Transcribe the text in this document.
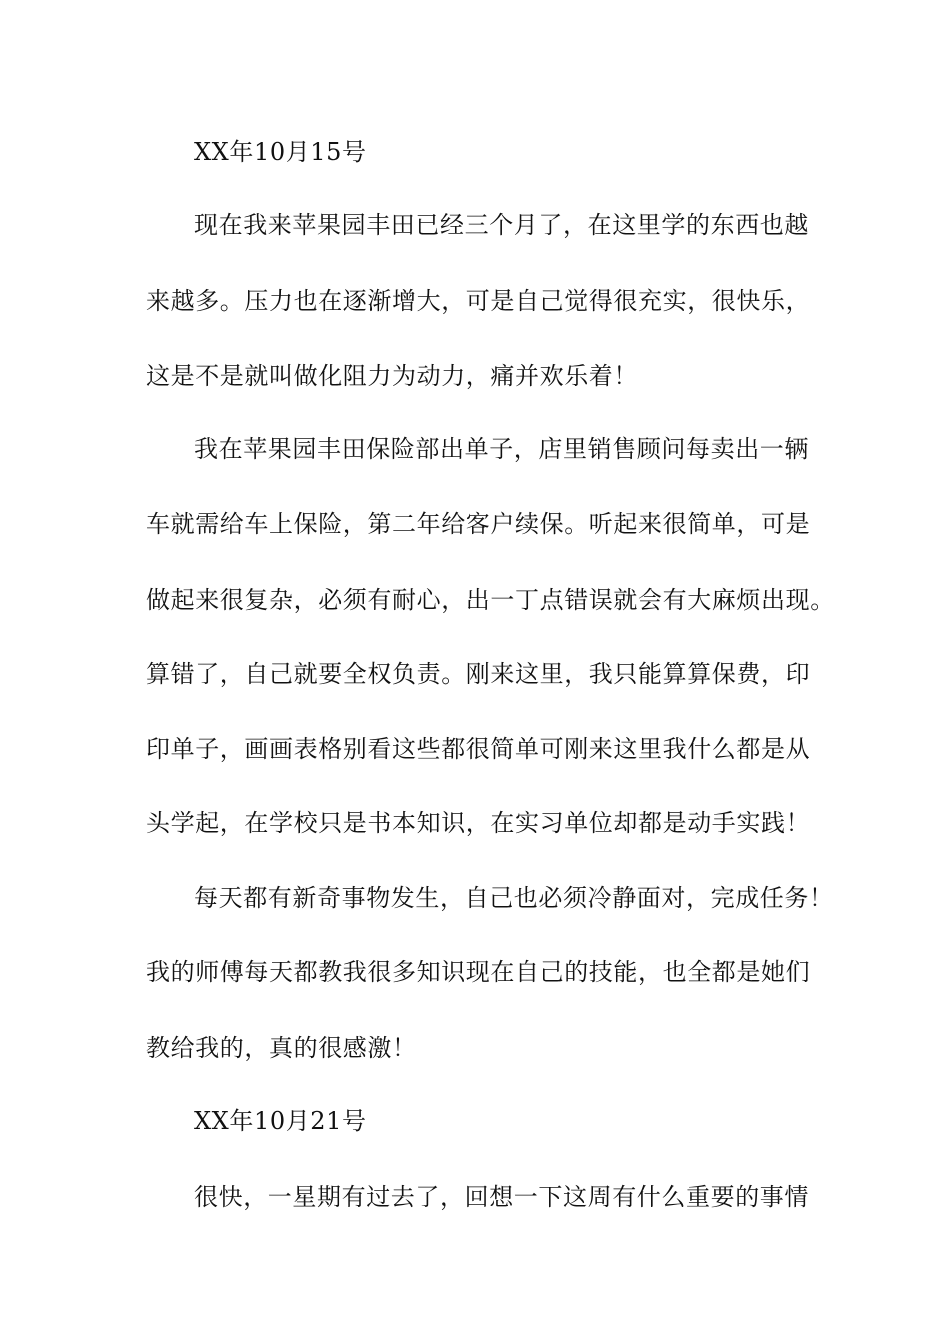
XX年10月15号
现在我来苹果园丰田已经三个月了，在这里学的东西也越
来越多。压力也在逐渐增大，可是自己觉得很充实，很快乐，
这是不是就叫做化阻力为动力，痛并欢乐着！
我在苹果园丰田保险部出单子，店里销售顾问每卖出一辆
车就需给车上保险，第二年给客户续保。听起来很简单，可是
做起来很复杂，必须有耐心，出一丁点错误就会有大麻烦出现。
算错了，自己就要全权负责。刚来这里，我只能算算保费，印
印单子，画画表格别看这些都很简单可刚来这里我什么都是从
头学起，在学校只是书本知识，在实习单位却都是动手实践！
每天都有新奇事物发生，自己也必须冷静面对，完成任务！
我的师傅每天都教我很多知识现在自己的技能，也全都是她们
教给我的，真的很感激！
XX年10月21号
很快，一星期有过去了，回想一下这周有什么重要的事情
